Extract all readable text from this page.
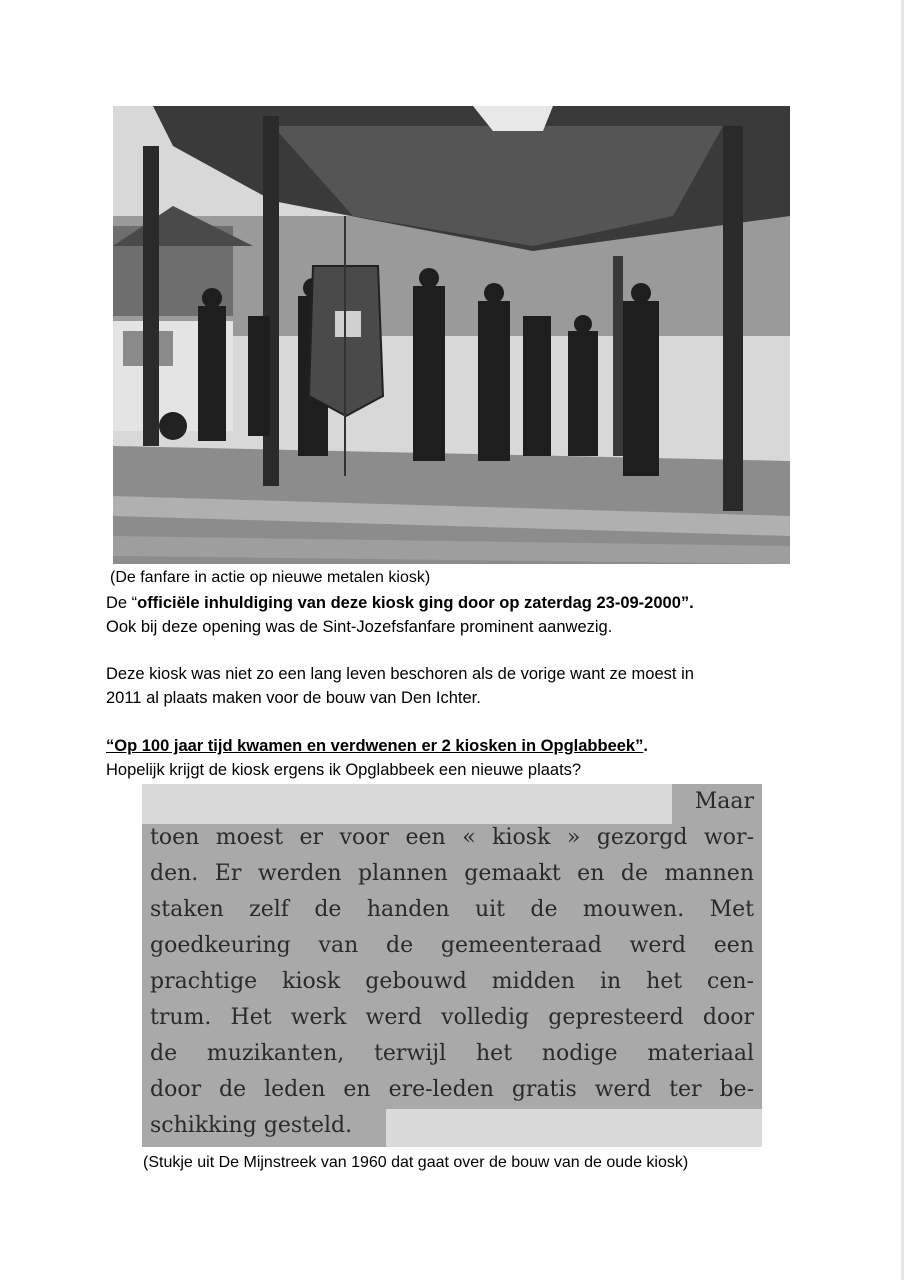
(De fanfare in actie op nieuwe metalen kiosk)
De “officiële inhuldiging van deze kiosk ging door op zaterdag 23-09-2000”.
Ook bij deze opening was de Sint-Jozefsfanfare prominent aanwezig.
Deze kiosk was niet zo een lang leven beschoren als de vorige want ze moest in
2011 al plaats maken voor de bouw van Den Ichter.
“Op 100 jaar tijd kwamen en verdwenen er 2 kiosken in Opglabbeek”.
Hopelijk krijgt de kiosk ergens ik Opglabbeek een nieuwe plaats?
Maar
toen moest er voor een « kiosk » gezorgd wor-
den. Er werden plannen gemaakt en de mannen
staken zelf de handen uit de mouwen. Met
goedkeuring van de gemeenteraad werd een
prachtige kiosk gebouwd midden in het cen-
trum. Het werk werd volledig gepresteerd door
de muzikanten, terwijl het nodige materiaal
door de leden en ere-leden gratis werd ter be-
schikking gesteld.
(Stukje uit De Mijnstreek van 1960 dat gaat over de bouw van de oude kiosk)
